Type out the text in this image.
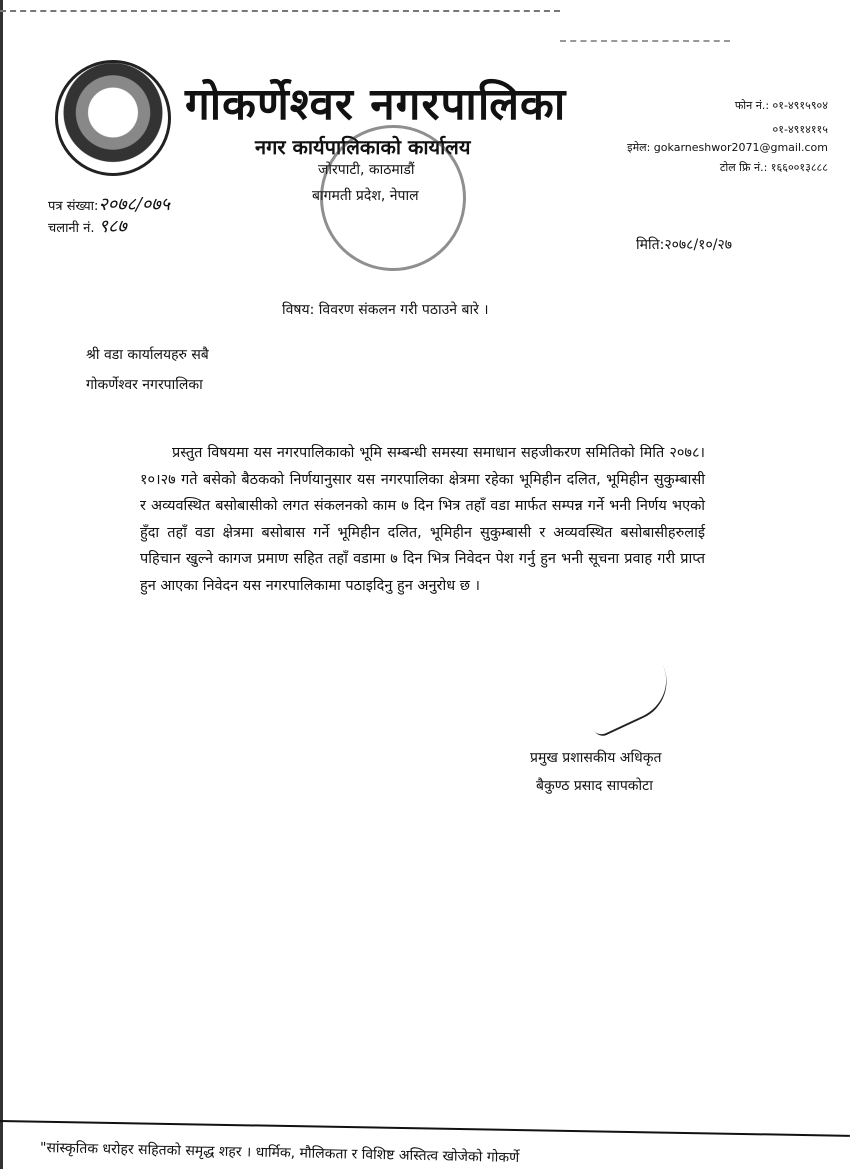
गोकर्णेश्वर नगरपालिका
नगर कार्यपालिकाको कार्यालय
जोरपाटी, काठमाडौं
बागमती प्रदेश, नेपाल
फोन नं.: ०१-४९१५९०४
०१-४९१४११५
इमेल: gokarneshwor2071@gmail.com
टोल फ्रि नं.: १६६००१३८८८
पत्र संख्या:२०७८/०७५
चलानी नं. ९८७
मिति:२०७८/१०/२७
विषय: विवरण संकलन गरी पठाउने बारे ।
श्री वडा कार्यालयहरु सबै
गोकर्णेश्वर नगरपालिका
प्रस्तुत विषयमा यस नगरपालिकाको भूमि सम्बन्धी समस्या समाधान सहजीकरण समितिको मिति २०७८।१०।२७ गते बसेको बैठकको निर्णयानुसार यस नगरपालिका क्षेत्रमा रहेका भूमिहीन दलित, भूमिहीन सुकुम्बासी र अव्यवस्थित बसोबासीको लगत संकलनको काम ७ दिन भित्र तहाँ वडा मार्फत सम्पन्न गर्ने भनी निर्णय भएको हुँदा तहाँ वडा क्षेत्रमा बसोबास गर्ने भूमिहीन दलित, भूमिहीन सुकुम्बासी र अव्यवस्थित बसोबासीहरुलाई पहिचान खुल्ने कागज प्रमाण सहित तहाँ वडामा ७ दिन भित्र निवेदन पेश गर्नु हुन भनी सूचना प्रवाह गरी प्राप्त हुन आएका निवेदन यस नगरपालिकामा पठाइदिनु हुन अनुरोध छ ।
प्रमुख प्रशासकीय अधिकृत
बैकुण्ठ प्रसाद सापकोटा
"सांस्कृतिक धरोहर सहितको समृद्ध शहर । धार्मिक, मौलिकता र विशिष्ट अस्तित्व खोजेको गोकर्णे
